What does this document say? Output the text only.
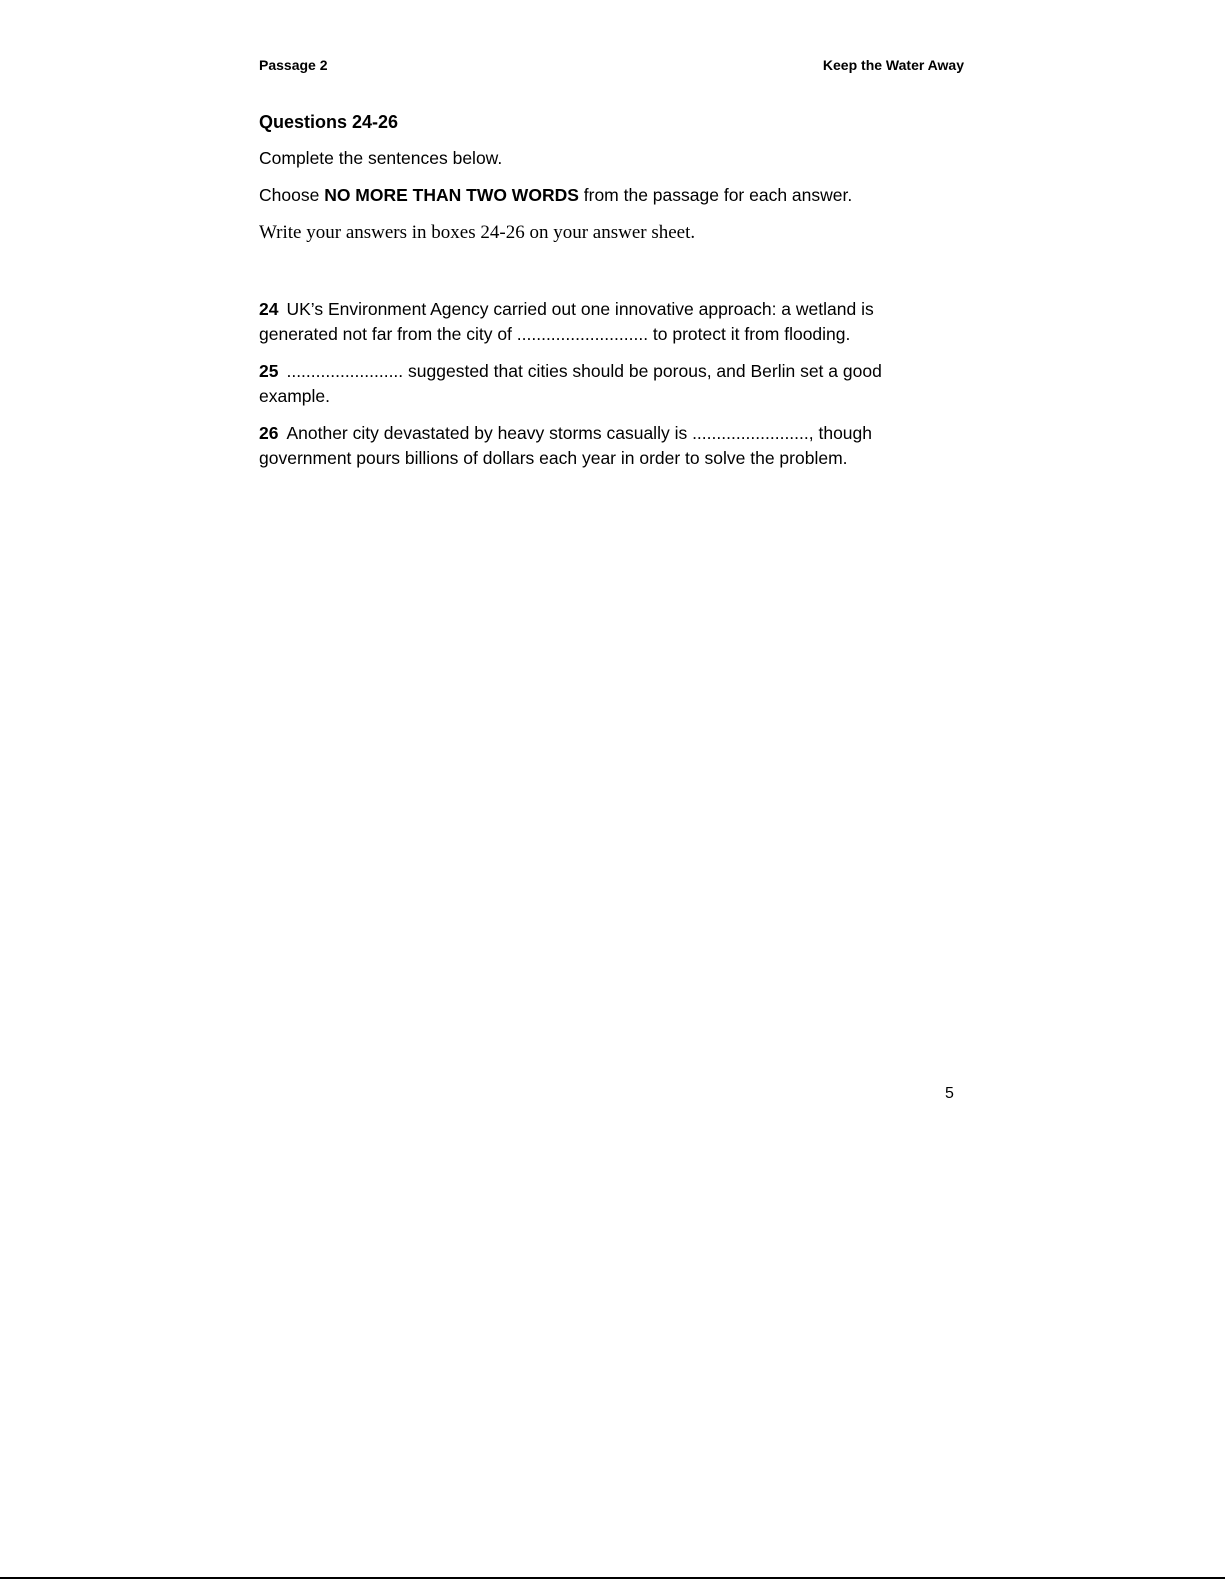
Passage 2	Keep the Water Away
Questions 24-26
Complete the sentences below.
Choose NO MORE THAN TWO WORDS from the passage for each answer.
Write your answers in boxes 24-26 on your answer sheet.
24 UK’s Environment Agency carried out one innovative approach: a wetland is generated not far from the city of ........................... to protect it from flooding.
25 ........................ suggested that cities should be porous, and Berlin set a good example.
26 Another city devastated by heavy storms casually is ........................, though government pours billions of dollars each year in order to solve the problem.
5
